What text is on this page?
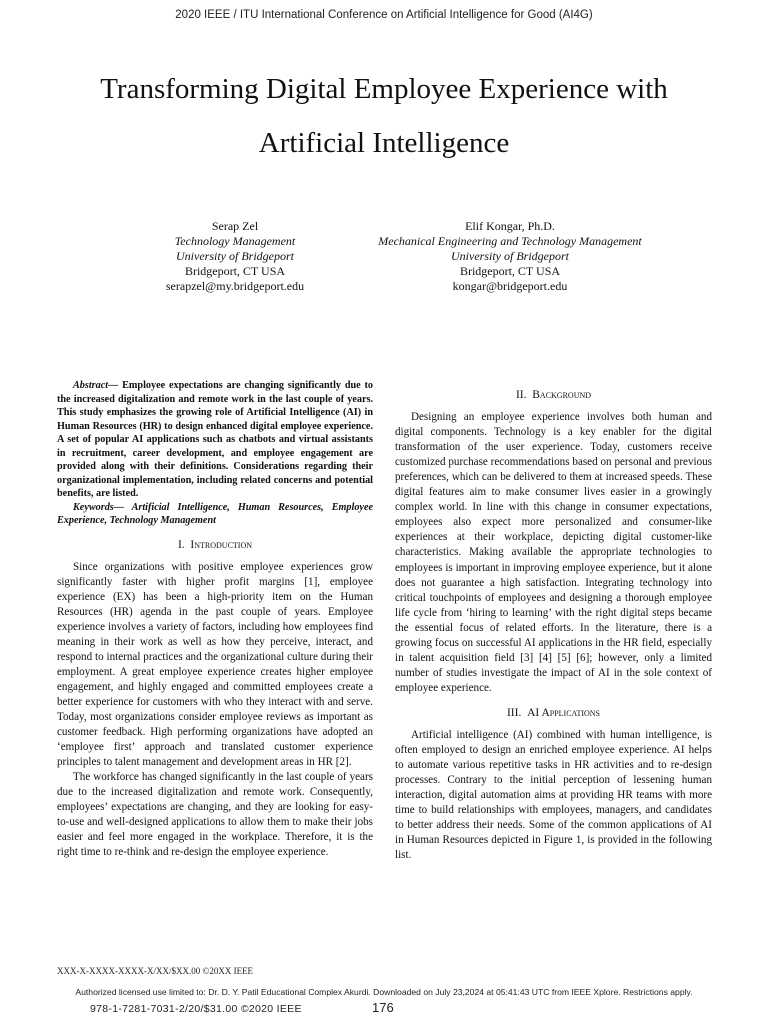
2020 IEEE / ITU International Conference on Artificial Intelligence for Good (AI4G)
Transforming Digital Employee Experience with
Artificial Intelligence
Serap Zel
Technology Management
University of Bridgeport
Bridgeport, CT USA
serapzel@my.bridgeport.edu
Elif Kongar, Ph.D.
Mechanical Engineering and Technology Management
University of Bridgeport
Bridgeport, CT USA
kongar@bridgeport.edu

Abstract— Employee expectations are changing significantly due to the increased digitalization and remote work in the last couple of years. This study emphasizes the growing role of Artificial Intelligence (AI) in Human Resources (HR) to design enhanced digital employee experience. A set of popular AI applications such as chatbots and virtual assistants in recruitment, career development, and employee engagement are provided along with their definitions. Considerations regarding their organizational implementation, including related concerns and potential benefits, are listed.

Keywords— Artificial Intelligence, Human Resources, Employee Experience, Technology Management

I. Introduction

Since organizations with positive employee experiences grow significantly faster with higher profit margins [1], employee experience (EX) has been a high-priority item on the Human Resources (HR) agenda in the past couple of years. Employee experience involves a variety of factors, including how employees find meaning in their work as well as how they perceive, interact, and respond to internal practices and the organizational culture during their employment. A great employee experience creates higher employee engagement, and highly engaged and committed employees create a better experience for customers with who they interact with and serve. Today, most organizations consider employee reviews as important as customer feedback. High performing organizations have adopted an ‘employee first’ approach and translated customer experience principles to talent management and development areas in HR [2].

The workforce has changed significantly in the last couple of years due to the increased digitalization and remote work. Consequently, employees’ expectations are changing, and they are looking for easy-to-use and well-designed applications to allow them to make their jobs easier and feel more engaged in the workplace. Therefore, it is the right time to re-think and re-design the employee experience.

II. Background

Designing an employee experience involves both human and digital components. Technology is a key enabler for the digital transformation of the user experience. Today, customers receive customized purchase recommendations based on personal and previous preferences, which can be delivered to them at increased speeds. These digital features aim to make consumer lives easier in a growingly complex world. In line with this change in consumer expectations, employees also expect more personalized and consumer-like experiences at their workplace, depicting digital customer-like characteristics. Making available the appropriate technologies to employees is important in improving employee experience, but it alone does not guarantee a high satisfaction. Integrating technology into critical touchpoints of employees and designing a thorough employee life cycle from ‘hiring to learning’ with the right digital steps became the essential focus of related efforts. In the literature, there is a growing focus on successful AI applications in the HR field, especially in talent acquisition field [3] [4] [5] [6]; however, only a limited number of studies investigate the impact of AI in the sole context of employee experience.

III. AI Applications

Artificial intelligence (AI) combined with human intelligence, is often employed to design an enriched employee experience. AI helps to automate various repetitive tasks in HR activities and to re-design processes. Contrary to the initial perception of lessening human interaction, digital automation aims at providing HR teams with more time to build relationships with employees, managers, and candidates to better address their needs. Some of the common applications of AI in Human Resources depicted in Figure 1, is provided in the following list.

XXX-X-XXXX-XXXX-X/XX/$XX.00 ©20XX IEEE
Authorized licensed use limited to: Dr. D. Y. Patil Educational Complex Akurdi. Downloaded on July 23,2024 at 05:41:43 UTC from IEEE Xplore. Restrictions apply.
978-1-7281-7031-2/20/$31.00 ©2020 IEEE	176
